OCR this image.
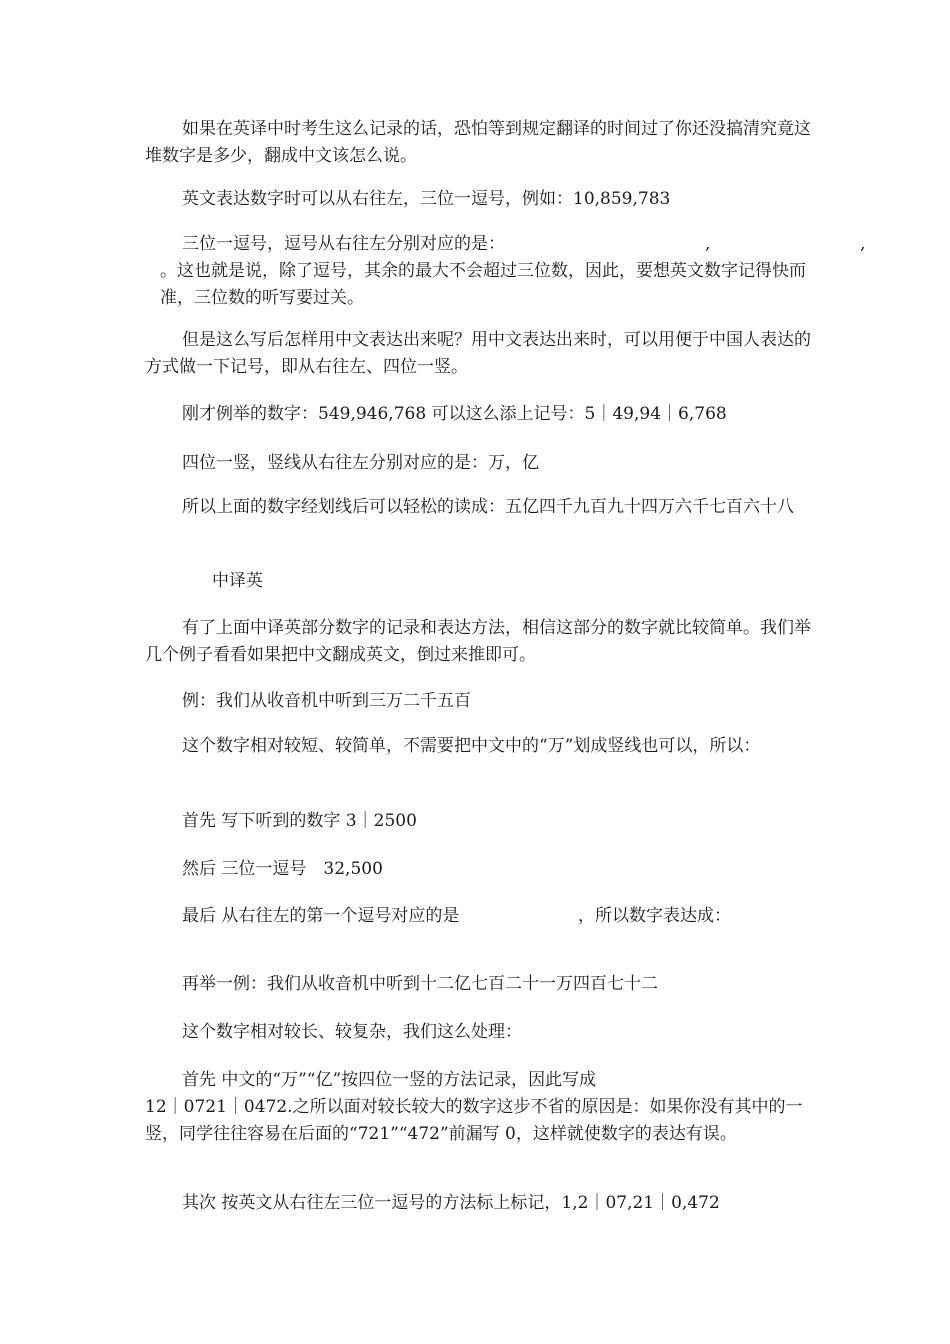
如果在英译中时考生这么记录的话，恐怕等到规定翻译的时间过了你还没搞清究竟这堆数字是多少，翻成中文该怎么说。
英文表达数字时可以从右往左，三位一逗号，例如：10,859,783
三位一逗号，逗号从右往左分别对应的是：	,	,
。这也就是说，除了逗号，其余的最大不会超过三位数，因此，要想英文数字记得快而准，三位数的听写要过关。
但是这么写后怎样用中文表达出来呢？用中文表达出来时，可以用便于中国人表达的方式做一下记号，即从右往左、四位一竖。
刚才例举的数字：549,946,768 可以这么添上记号：5｜49,94｜6,768
四位一竖，竖线从右往左分别对应的是：万，亿
所以上面的数字经划线后可以轻松的读成：五亿四千九百九十四万六千七百六十八
中译英
有了上面中译英部分数字的记录和表达方法，相信这部分的数字就比较简单。我们举几个例子看看如果把中文翻成英文，倒过来推即可。
例：我们从收音机中听到三万二千五百
这个数字相对较短、较简单，不需要把中文中的“万”划成竖线也可以，所以：
首先 写下听到的数字 3｜2500
然后 三位一逗号　32,500
最后 从右往左的第一个逗号对应的是	，所以数字表达成：
再举一例：我们从收音机中听到十二亿七百二十一万四百七十二
这个数字相对较长、较复杂，我们这么处理：
首先 中文的“万”“亿”按四位一竖的方法记录，因此写成
12｜0721｜0472.之所以面对较长较大的数字这步不省的原因是：如果你没有其中的一竖，同学往往容易在后面的“721”“472”前漏写 0，这样就使数字的表达有误。
其次 按英文从右往左三位一逗号的方法标上标记，1,2｜07,21｜0,472
